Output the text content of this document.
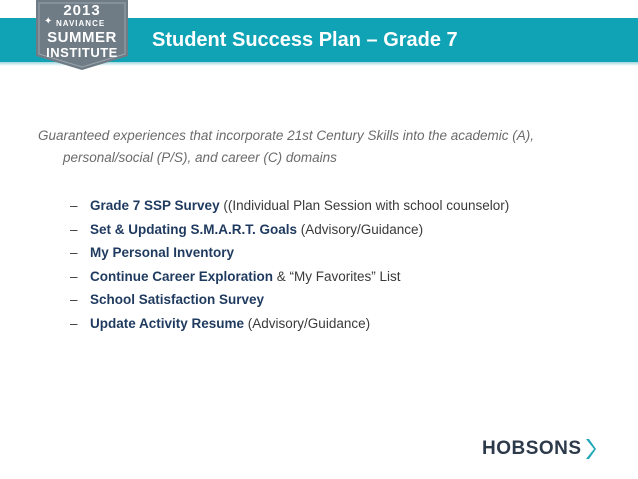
2013
✦ NAVIANCE
SUMMER
INSTITUTE
Student Success Plan – Grade 7
Guaranteed experiences that incorporate 21st Century Skills into the academic (A),
personal/social (P/S), and career (C) domains
– Grade 7 SSP Survey ((Individual Plan Session with school counselor)
– Set & Updating S.M.A.R.T. Goals (Advisory/Guidance)
– My Personal Inventory
– Continue Career Exploration & “My Favorites” List
– School Satisfaction Survey
– Update Activity Resume (Advisory/Guidance)
HOBSONS
